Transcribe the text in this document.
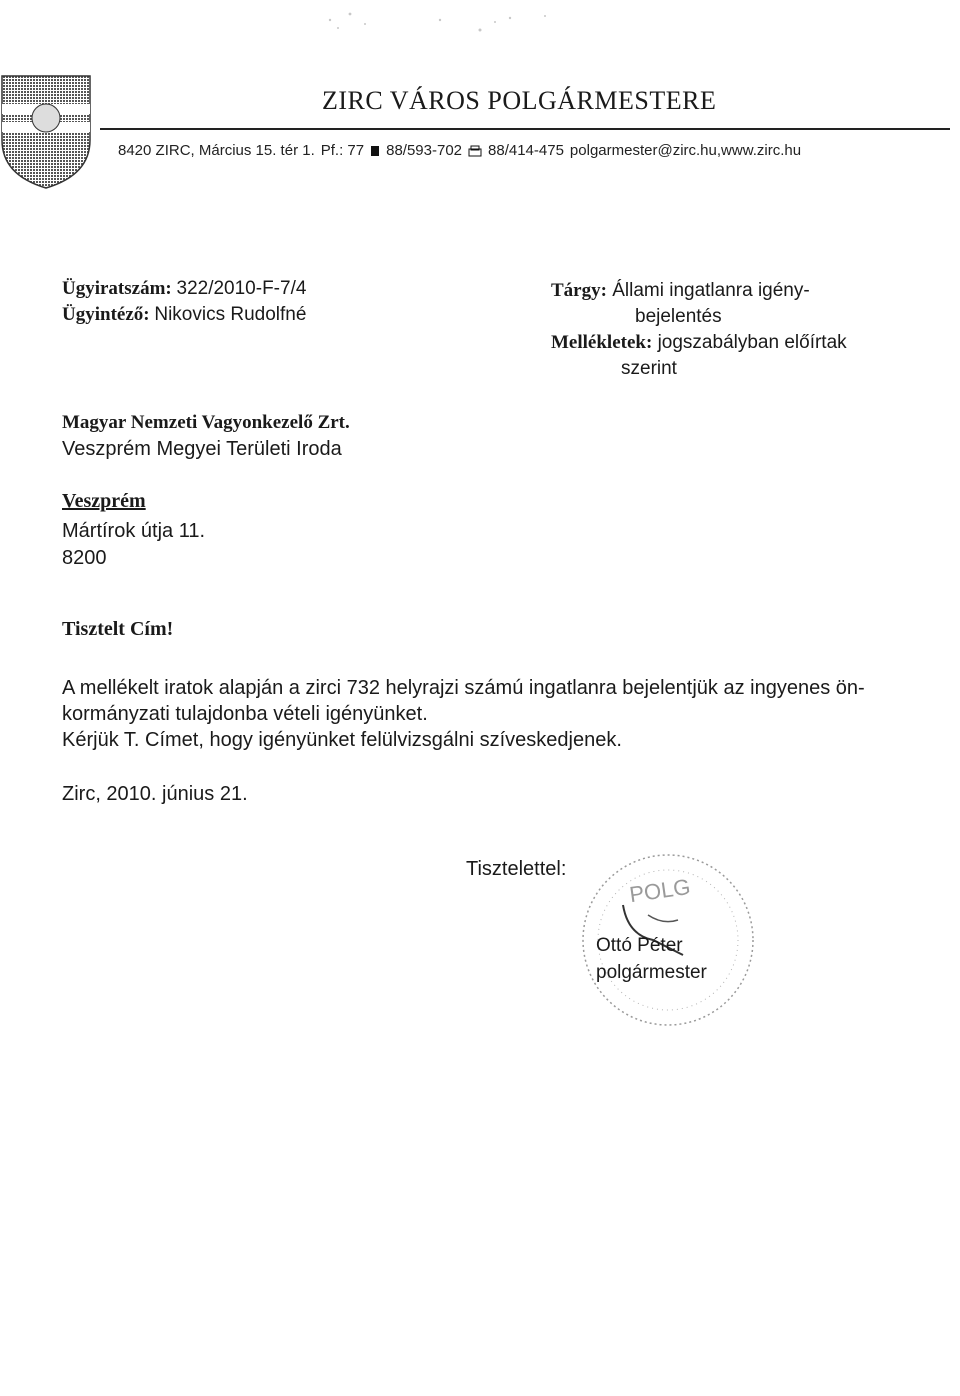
ZIRC VÁROS POLGÁRMESTERE
8420 ZIRC, Március 15. tér 1. Pf.: 77 88/593-702 88/414-475 polgarmester@zirc.hu,www.zirc.hu
Ügyiratszám: 322/2010-F-7/4
Ügyintéző: Nikovics Rudolfné
Tárgy: Állami ingatlanra igény-
bejelentés
Mellékletek: jogszabályban előírtak
szerint
Magyar Nemzeti Vagyonkezelő Zrt.
Veszprém Megyei Területi Iroda
Veszprém
Mártírok útja 11.
8200
Tisztelt Cím!

A mellékelt iratok alapján a zirci 732 helyrajzi számú ingatlanra bejelentjük az ingyenes ön-kormányzati tulajdonba vételi igényünket.

Kérjük T. Címet, hogy igényünket felülvizsgálni szíveskedjenek.

Zirc, 2010. június 21.
Tisztelettel:
POLG
Ottó Péter
polgármester
